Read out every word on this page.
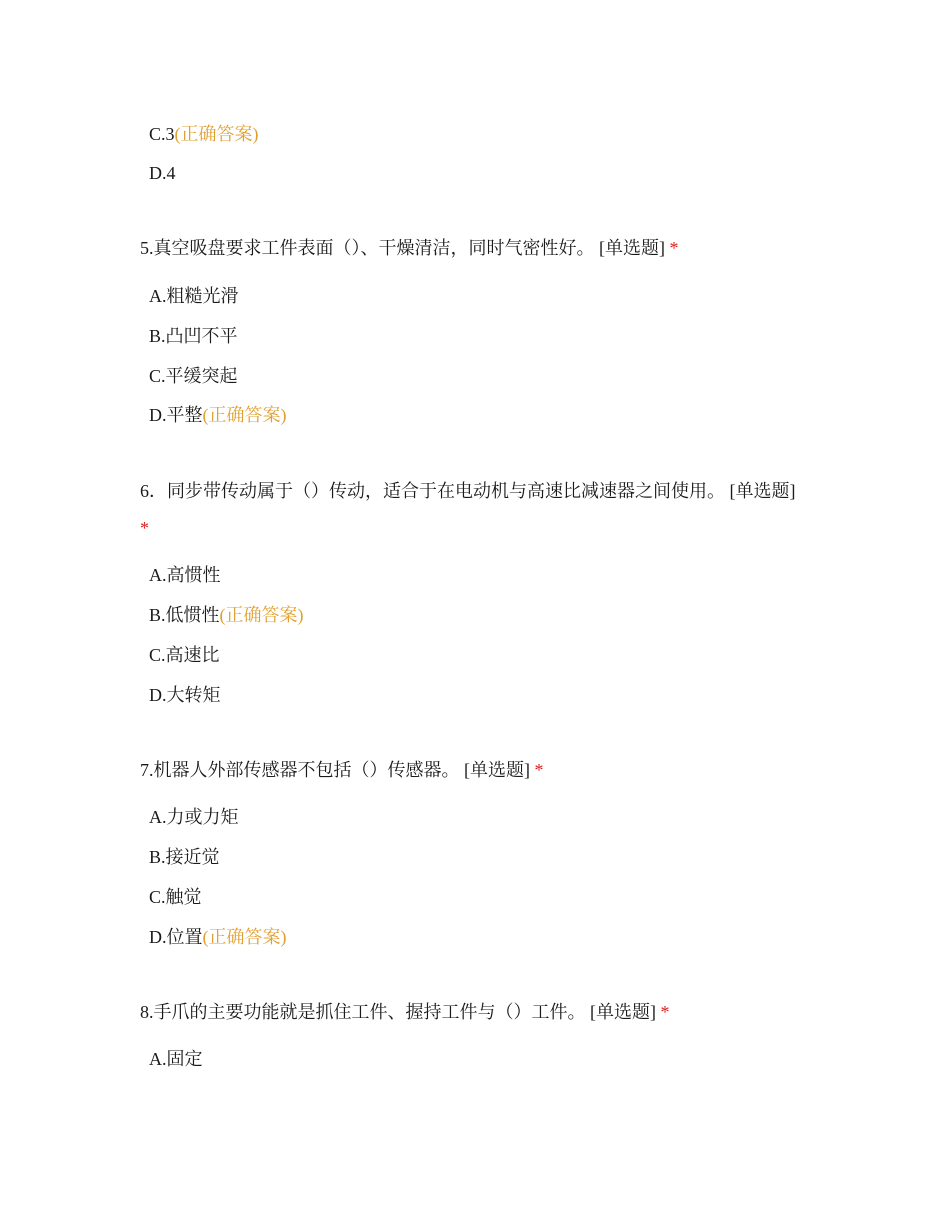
C.3(正确答案)
D.4
5.真空吸盘要求工件表面（）、干燥清洁，同时气密性好。 [单选题] *
A.粗糙光滑
B.凸凹不平
C.平缓突起
D.平整(正确答案)
6．同步带传动属于（）传动，适合于在电动机与高速比减速器之间使用。 [单选题] *
A.高惯性
B.低惯性(正确答案)
C.高速比
D.大转矩
7.机器人外部传感器不包括（）传感器。 [单选题] *
A.力或力矩
B.接近觉
C.触觉
D.位置(正确答案)
8.手爪的主要功能就是抓住工件、握持工件与（）工件。 [单选题] *
A.固定
